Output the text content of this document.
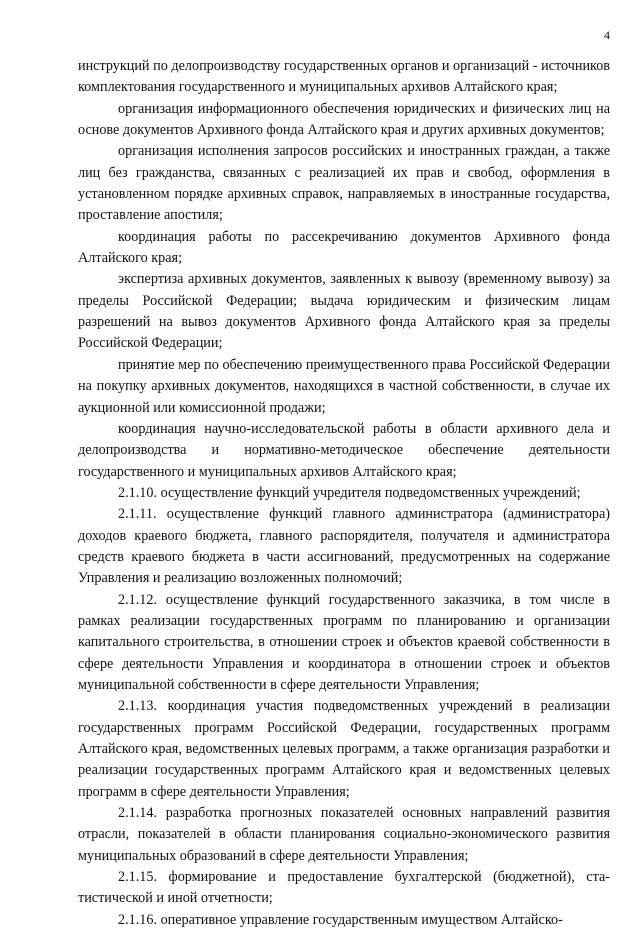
4

инструкций по делопроизводству государственных органов и организаций - источников комплектования государственного и муниципальных архивов Алтайского края;

организация информационного обеспечения юридических и физических лиц на основе документов Архивного фонда Алтайского края и других архивных документов;

организация исполнения запросов российских и иностранных граждан, а также лиц без гражданства, связанных с реализацией их прав и свобод, оформления в установленном порядке архивных справок, направляемых в иностранные государства, проставление апостиля;

координация работы по рассекречиванию документов Архивного фонда Алтайского края;

экспертиза архивных документов, заявленных к вывозу (временному вывозу) за пределы Российской Федерации; выдача юридическим и физическим лицам разрешений на вывоз документов Архивного фонда Алтайского края за пределы Российской Федерации;

принятие мер по обеспечению преимущественного права Российской Федерации на покупку архивных документов, находящихся в частной собственности, в случае их аукционной или комиссионной продажи;

координация научно-исследовательской работы в области архивного дела и делопроизводства и нормативно-методическое обеспечение деятельности государственного и муниципальных архивов Алтайского края;

2.1.10. осуществление функций учредителя подведомственных учреждений;

2.1.11. осуществление функций главного администратора (администратора) доходов краевого бюджета, главного распорядителя, получателя и администратора средств краевого бюджета в части ассигнований, предусмотренных на содержание Управления и реализацию возложенных полномочий;

2.1.12. осуществление функций государственного заказчика, в том числе в рамках реализации государственных программ по планированию и организации капитального строительства, в отношении строек и объектов краевой собственности в сфере деятельности Управления и координатора в отношении строек и объектов муниципальной собственности в сфере деятельности Управления;

2.1.13. координация участия подведомственных учреждений в реализации государственных программ Российской Федерации, государственных программ Алтайского края, ведомственных целевых программ, а также организация разработки и реализации государственных программ Алтайского края и ведомственных целевых программ в сфере деятельности Управления;

2.1.14. разработка прогнозных показателей основных направлений развития отрасли, показателей в области планирования социально-экономического развития муниципальных образований в сфере деятельности Управления;

2.1.15. формирование и предоставление бухгалтерской (бюджетной), статистической и иной отчетности;

2.1.16. оперативное управление государственным имуществом Алтайско-
